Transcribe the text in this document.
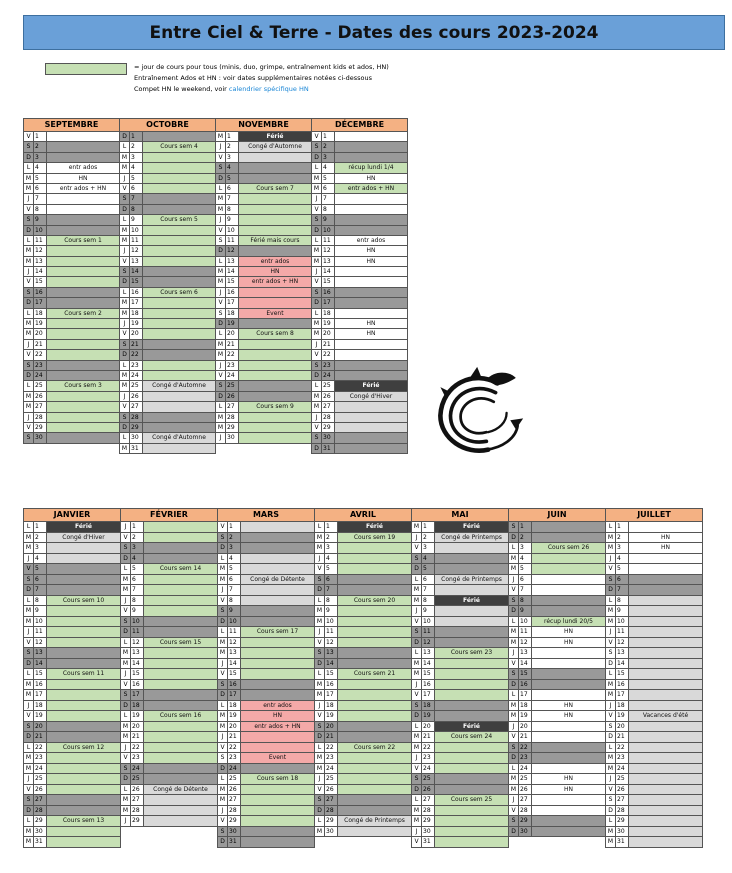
Entre Ciel & Terre - Dates des cours 2023-2024
= jour de cours pour tous (minis, duo, grimpe, entraînement kids et ados, HN)
Entraînement Ados et HN : voir dates supplémentaires notées ci-dessous
Compet HN le weekend, voir calendrier spécifique HN
SEPTEMBRE
V 1
S 2
D 3
L 4	entr ados
M 5	HN
M 6	entr ados + HN
J 7
V 8
S 9
D 10
L 11	Cours sem 1
M 12
M 13
J 14
V 15
S 16
D 17
L 18	Cours sem 2
M 19
M 20
J 21
V 22
S 23
D 24
L 25	Cours sem 3
M 26
M 27
J 28
V 29
S 30
OCTOBRE
D 1
L 2	Cours sem 4
M 3
M 4
J 5
V 6
S 7
D 8
L 9	Cours sem 5
M 10
M 11
J 12
V 13
S 14
D 15
L 16	Cours sem 6
M 17
M 18
J 19
V 20
S 21
D 22
L 23
M 24
M 25	Congé d'Automne
J 26
V 27
S 28
D 29
L 30	Congé d'Automne
M 31
NOVEMBRE
M 1	Férié
J 2	Congé d'Automne
V 3
S 4
D 5
L 6	Cours sem 7
M 7
M 8
J 9
V 10
S 11	Férié mais cours
D 12
L 13	entr ados
M 14	HN
M 15	entr ados + HN
J 16
V 17
S 18	Event
D 19
L 20	Cours sem 8
M 21
M 22
J 23
V 24
S 25
D 26
L 27	Cours sem 9
M 28
M 29
J 30
DÉCEMBRE
V 1
S 2
D 3
L 4	récup lundi 1/4
M 5	HN
M 6	entr ados + HN
J 7
V 8
S 9
D 10
L 11	entr ados
M 12	HN
M 13	HN
J 14
V 15
S 16
D 17
L 18
M 19	HN
M 20	HN
J 21
V 22
S 23
D 24
L 25	Férié
M 26	Congé d'Hiver
M 27
J 28
V 29
S 30
D 31
JANVIER
L 1	Férié
M 2	Congé d'Hiver
M 3
J 4
V 5
S 6
D 7
L 8	Cours sem 10
M 9
M 10
J 11
V 12
S 13
D 14
L 15	Cours sem 11
M 16
M 17
J 18
V 19
S 20
D 21
L 22	Cours sem 12
M 23
M 24
J 25
V 26
S 27
D 28
L 29	Cours sem 13
M 30
M 31
FÉVRIER
J 1
V 2
S 3
D 4
L 5	Cours sem 14
M 6
M 7
J 8
V 9
S 10
D 11
L 12	Cours sem 15
M 13
M 14
J 15
V 16
S 17
D 18
L 19	Cours sem 16
M 20
M 21
J 22
V 23
S 24
D 25
L 26	Congé de Détente
M 27
M 28
J 29
MARS
V 1
S 2
D 3
L 4
M 5
M 6	Congé de Détente
J 7
V 8
S 9
D 10
L 11	Cours sem 17
M 12
M 13
J 14
V 15
S 16
D 17
L 18	entr ados
M 19	HN
M 20	entr ados + HN
J 21
V 22
S 23	Event
D 24
L 25	Cours sem 18
M 26
M 27
J 28
V 29
S 30
D 31
AVRIL
L 1	Férié
M 2	Cours sem 19
M 3
J 4
V 5
S 6
D 7
L 8	Cours sem 20
M 9
M 10
J 11
V 12
S 13
D 14
L 15	Cours sem 21
M 16
M 17
J 18
V 19
S 20
D 21
L 22	Cours sem 22
M 23
M 24
J 25
V 26
S 27
D 28
L 29	Congé de Printemps
M 30
MAI
M 1	Férié
J 2	Congé de Printemps
V 3
S 4
D 5
L 6	Congé de Printemps
M 7
M 8	Férié
J 9
V 10
S 11
D 12
L 13	Cours sem 23
M 14
M 15
J 16
V 17
S 18
D 19
L 20	Férié
M 21	Cours sem 24
M 22
J 23
V 24
S 25
D 26
L 27	Cours sem 25
M 28
M 29
J 30
V 31
JUIN
S 1
D 2
L 3	Cours sem 26
M 4
M 5
J 6
V 7
S 8
D 9
L 10	récup lundi 20/5
M 11	HN
M 12	HN
J 13
V 14
S 15
D 16
L 17
M 18	HN
M 19	HN
J 20
V 21
S 22
D 23
L 24
M 25	HN
M 26	HN
J 27
V 28
S 29
D 30
JUILLET
L 1
M 2	HN
M 3	HN
J 4
V 5
S 6
D 7
L 8
M 9
M 10
J 11
V 12
S 13
D 14
L 15
M 16
M 17
J 18
V 19	Vacances d'été
S 20
D 21
L 22
M 23
M 24
J 25
V 26
S 27
D 28
L 29
M 30
M 31
